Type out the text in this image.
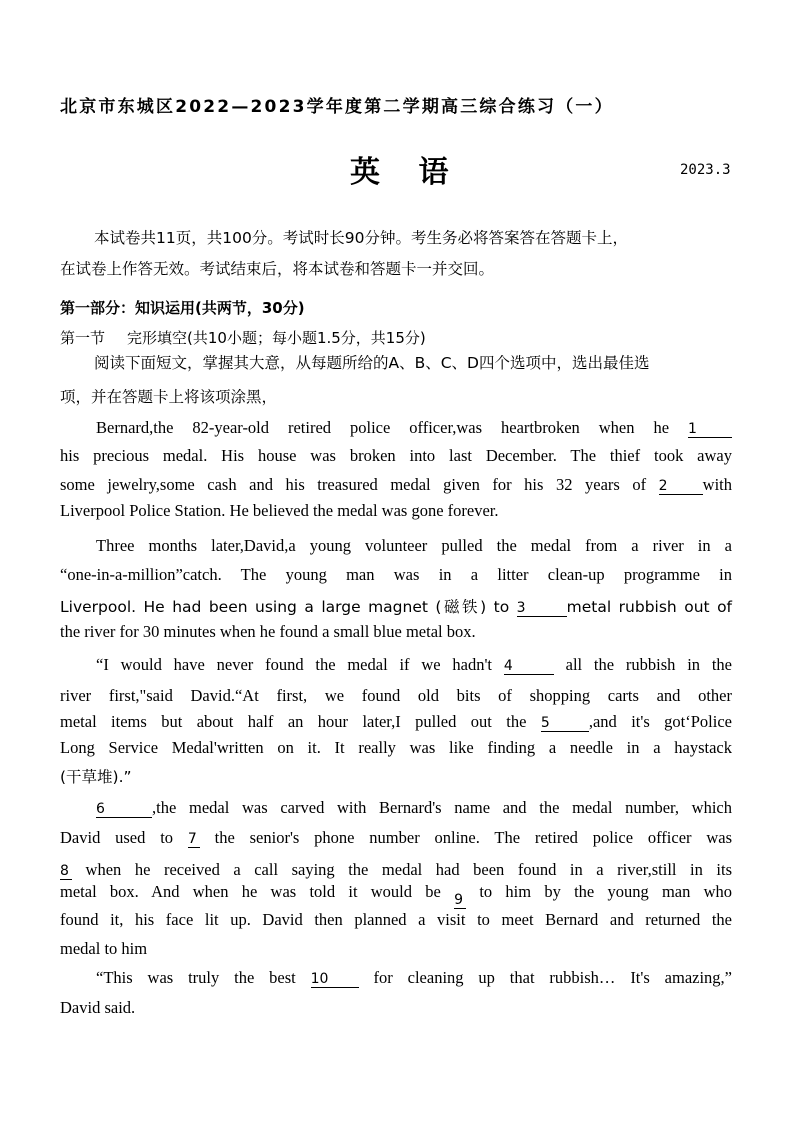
北京市东城区2022—2023学年度第二学期高三综合练习（一）
英 语	2023.3
本试卷共11页，共100分。考试时长90分钟。考生务必将答案答在答题卡上，
在试卷上作答无效。考试结束后，将本试卷和答题卡一并交回。
第一部分：知识运用(共两节，30分)
第一节 完形填空(共10小题；每小题1.5分，共15分)
阅读下面短文，掌握其大意，从每题所给的A、B、C、D四个选项中，选出最佳选
项，并在答题卡上将该项涂黑，
Bernard,the 82-year-old retired police officer,was heartbroken when he 1
his precious medal. His house was broken into last December. The thief took away
some jewelry,some cash and his treasured medal given for his 32 years of 2 with
Liverpool Police Station. He believed the medal was gone forever.
Three months later,David,a young volunteer pulled the medal from a river in a
“one-in-a-million”catch. The young man was in a litter clean-up programme in
Liverpool. He had been using a large magnet (磁铁) to 3	metal rubbish out of
the river for 30 minutes when he found a small blue metal box.
“I would have never found the medal if we hadn't 4	all the rubbish in the
river first,"said David.“At first, we found old bits of shopping carts and other
metal items but about half an hour later,I pulled out the 5 ,and it's got‘Police
Long Service Medal'written on it. It really was like finding a needle in a haystack
(干草堆).”
6	,the medal was carved with Bernard's name and the medal number, which
David used to 7 the senior's phone number online. The retired police officer was
8 when he received a call saying the medal had been found in a river,still in its
metal box. And when he was told it would be 9 to him by the young man who
found it, his face lit up. David then planned a visit to meet Bernard and returned the
medal to him
“This was truly the best 10	for cleaning up that rubbish… It's amazing,”
David said.
